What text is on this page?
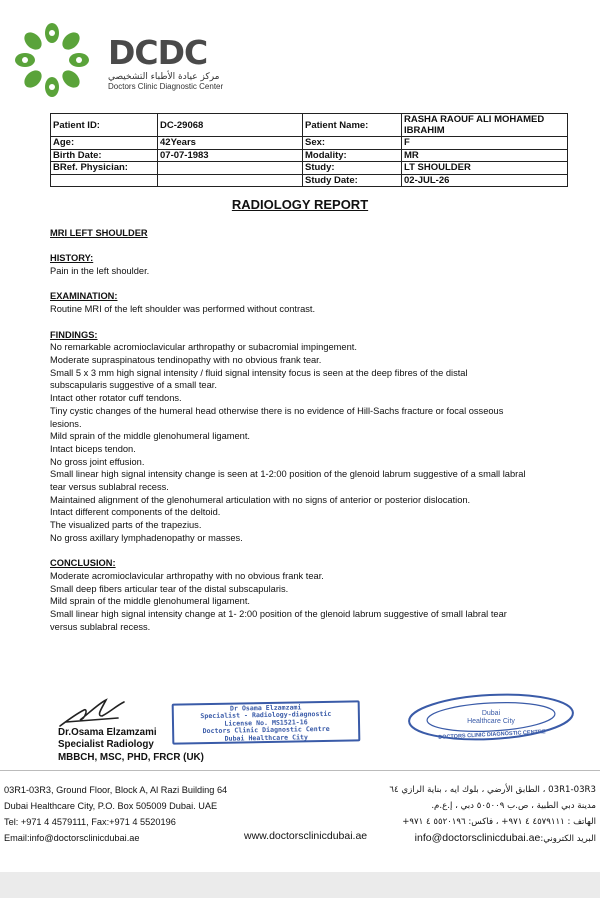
DCDC
مركز عيادة الأطباء التشخيصي
Doctors Clinic Diagnostic Center
Patient ID:	DC-29068	Patient Name:	RASHA RAOUF ALI MOHAMED IBRAHIM
Age:	42Years	Sex:	F
Birth Date:	07-07-1983	Modality:	MR
BRef. Physician:		Study:	LT SHOULDER
		Study Date:	02-JUL-26
RADIOLOGY REPORT
MRI LEFT SHOULDER
HISTORY:
Pain in the left shoulder.
EXAMINATION:
Routine MRI of the left shoulder was performed without contrast.
FINDINGS:
No remarkable acromioclavicular arthropathy or subacromial impingement.
Moderate supraspinatous tendinopathy with no obvious frank tear.
Small 5 x 3 mm high signal intensity / fluid signal intensity focus is seen at the deep fibres of the distal
subscapularis suggestive of a small tear.
Intact other rotator cuff tendons.
Tiny cystic changes of the humeral head otherwise there is no evidence of Hill-Sachs fracture or focal osseous
lesions.
Mild sprain of the middle glenohumeral ligament.
Intact biceps tendon.
No gross joint effusion.
Small linear high signal intensity change is seen at 1-2:00 position of the glenoid labrum suggestive of a small labral
tear versus sublabral recess.
Maintained alignment of the glenohumeral articulation with no signs of anterior or posterior dislocation.
Intact different components of the deltoid.
The visualized parts of the trapezius.
No gross axillary lymphadenopathy or masses.
CONCLUSION:
Moderate acromioclavicular arthropathy with no obvious frank tear.
Small deep fibers articular tear of the distal subscapularis.
Mild sprain of the middle glenohumeral ligament.
Small linear high signal intensity change at 1- 2:00 position of the glenoid labrum suggestive of small labral tear
versus sublabral recess.
Dr.Osama Elzamzami
Specialist Radiology
MBBCH, MSC, PHD, FRCR (UK)
Dr Osama Elzamzami
Specialist - Radiology-diagnostic
License No. MS1521-16
Doctors Clinic Diagnostic Centre
Dubai Healthcare City
Dubai
Healthcare City
DOCTORS CLINIC DIAGNOSTIC CENTRE
03R1-03R3, Ground Floor, Block A, Al Razi Building 64
Dubai Healthcare City, P.O. Box 505009 Dubai. UAE
Tel: +971 4 4579111, Fax:+971 4 5520196
Email:info@doctorsclinicdubai.ae	www.doctorsclinicdubai.ae
03R1-03R3 ، الطابق الأرضي ، بلوك ايه ، بناية الرازي ٦٤
مدينة دبي الطبية ، ص.ب ٥٠٥٠٠٩ دبي ، إ.ع.م.
الهاتف : ٤٥٧٩١١١ ٤ ٩٧١+ ، فاكس: ٥٥٢٠١٩٦ ٤ ٩٧١+
البريد الكتروني:info@doctorsclinicdubai.ae
